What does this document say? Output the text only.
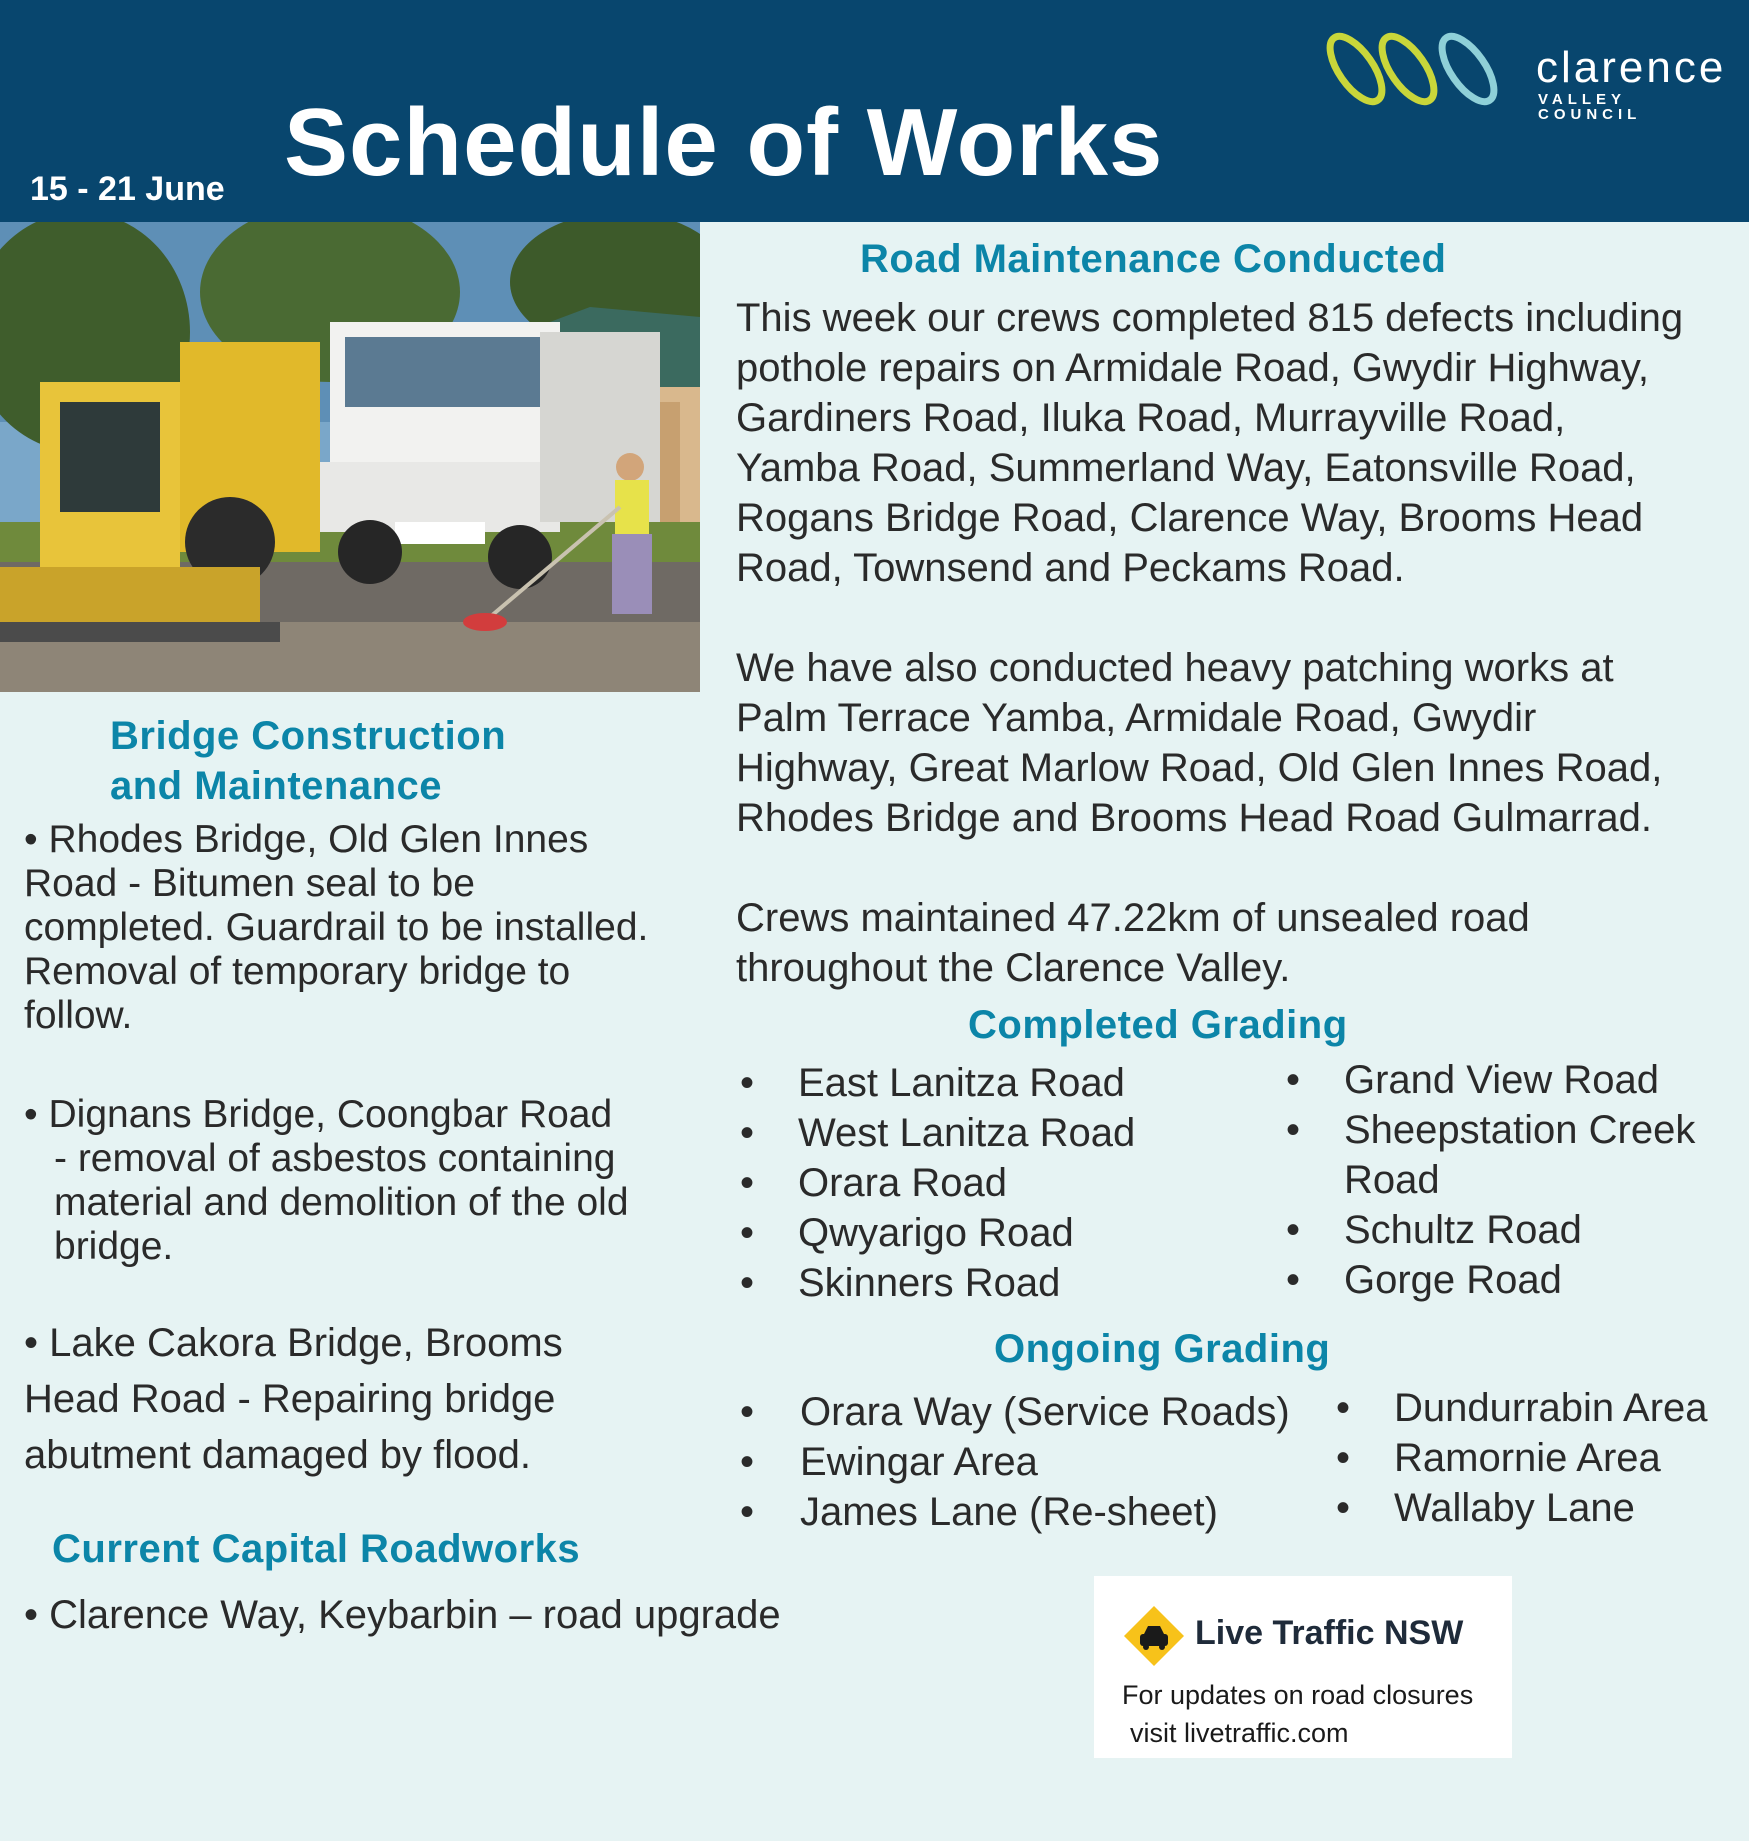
15 - 21 June Schedule of Works
clarence
VALLEY COUNCIL
Bridge Construction
and Maintenance
• Rhodes Bridge, Old Glen Innes
Road - Bitumen seal to be
completed. Guardrail to be installed.
Removal of temporary bridge to
follow.
• Dignans Bridge, Coongbar Road
- removal of asbestos containing
material and demolition of the old
bridge.
• Lake Cakora Bridge, Brooms
Head Road - Repairing bridge
abutment damaged by flood.
Current Capital Roadworks
• Clarence Way, Keybarbin – road upgrade
Road Maintenance Conducted
This week our crews completed 815 defects including
pothole repairs on Armidale Road, Gwydir Highway,
Gardiners Road, Iluka Road, Murrayville Road,
Yamba Road, Summerland Way, Eatonsville Road,
Rogans Bridge Road, Clarence Way, Brooms Head
Road, Townsend and Peckams Road.
We have also conducted heavy patching works at
Palm Terrace Yamba, Armidale Road, Gwydir
Highway, Great Marlow Road, Old Glen Innes Road,
Rhodes Bridge and Brooms Head Road Gulmarrad.
Crews maintained 47.22km of unsealed road
throughout the Clarence Valley.
Completed Grading
• East Lanitza Road
• West Lanitza Road
• Orara Road
• Qwyarigo Road
• Skinners Road
• Grand View Road
• Sheepstation Creek Road
• Schultz Road
• Gorge Road
Ongoing Grading
• Orara Way (Service Roads)
• Ewingar Area
• James Lane (Re-sheet)
• Dundurrabin Area
• Ramornie Area
• Wallaby Lane
Live Traffic NSW
For updates on road closures
visit livetraffic.com
